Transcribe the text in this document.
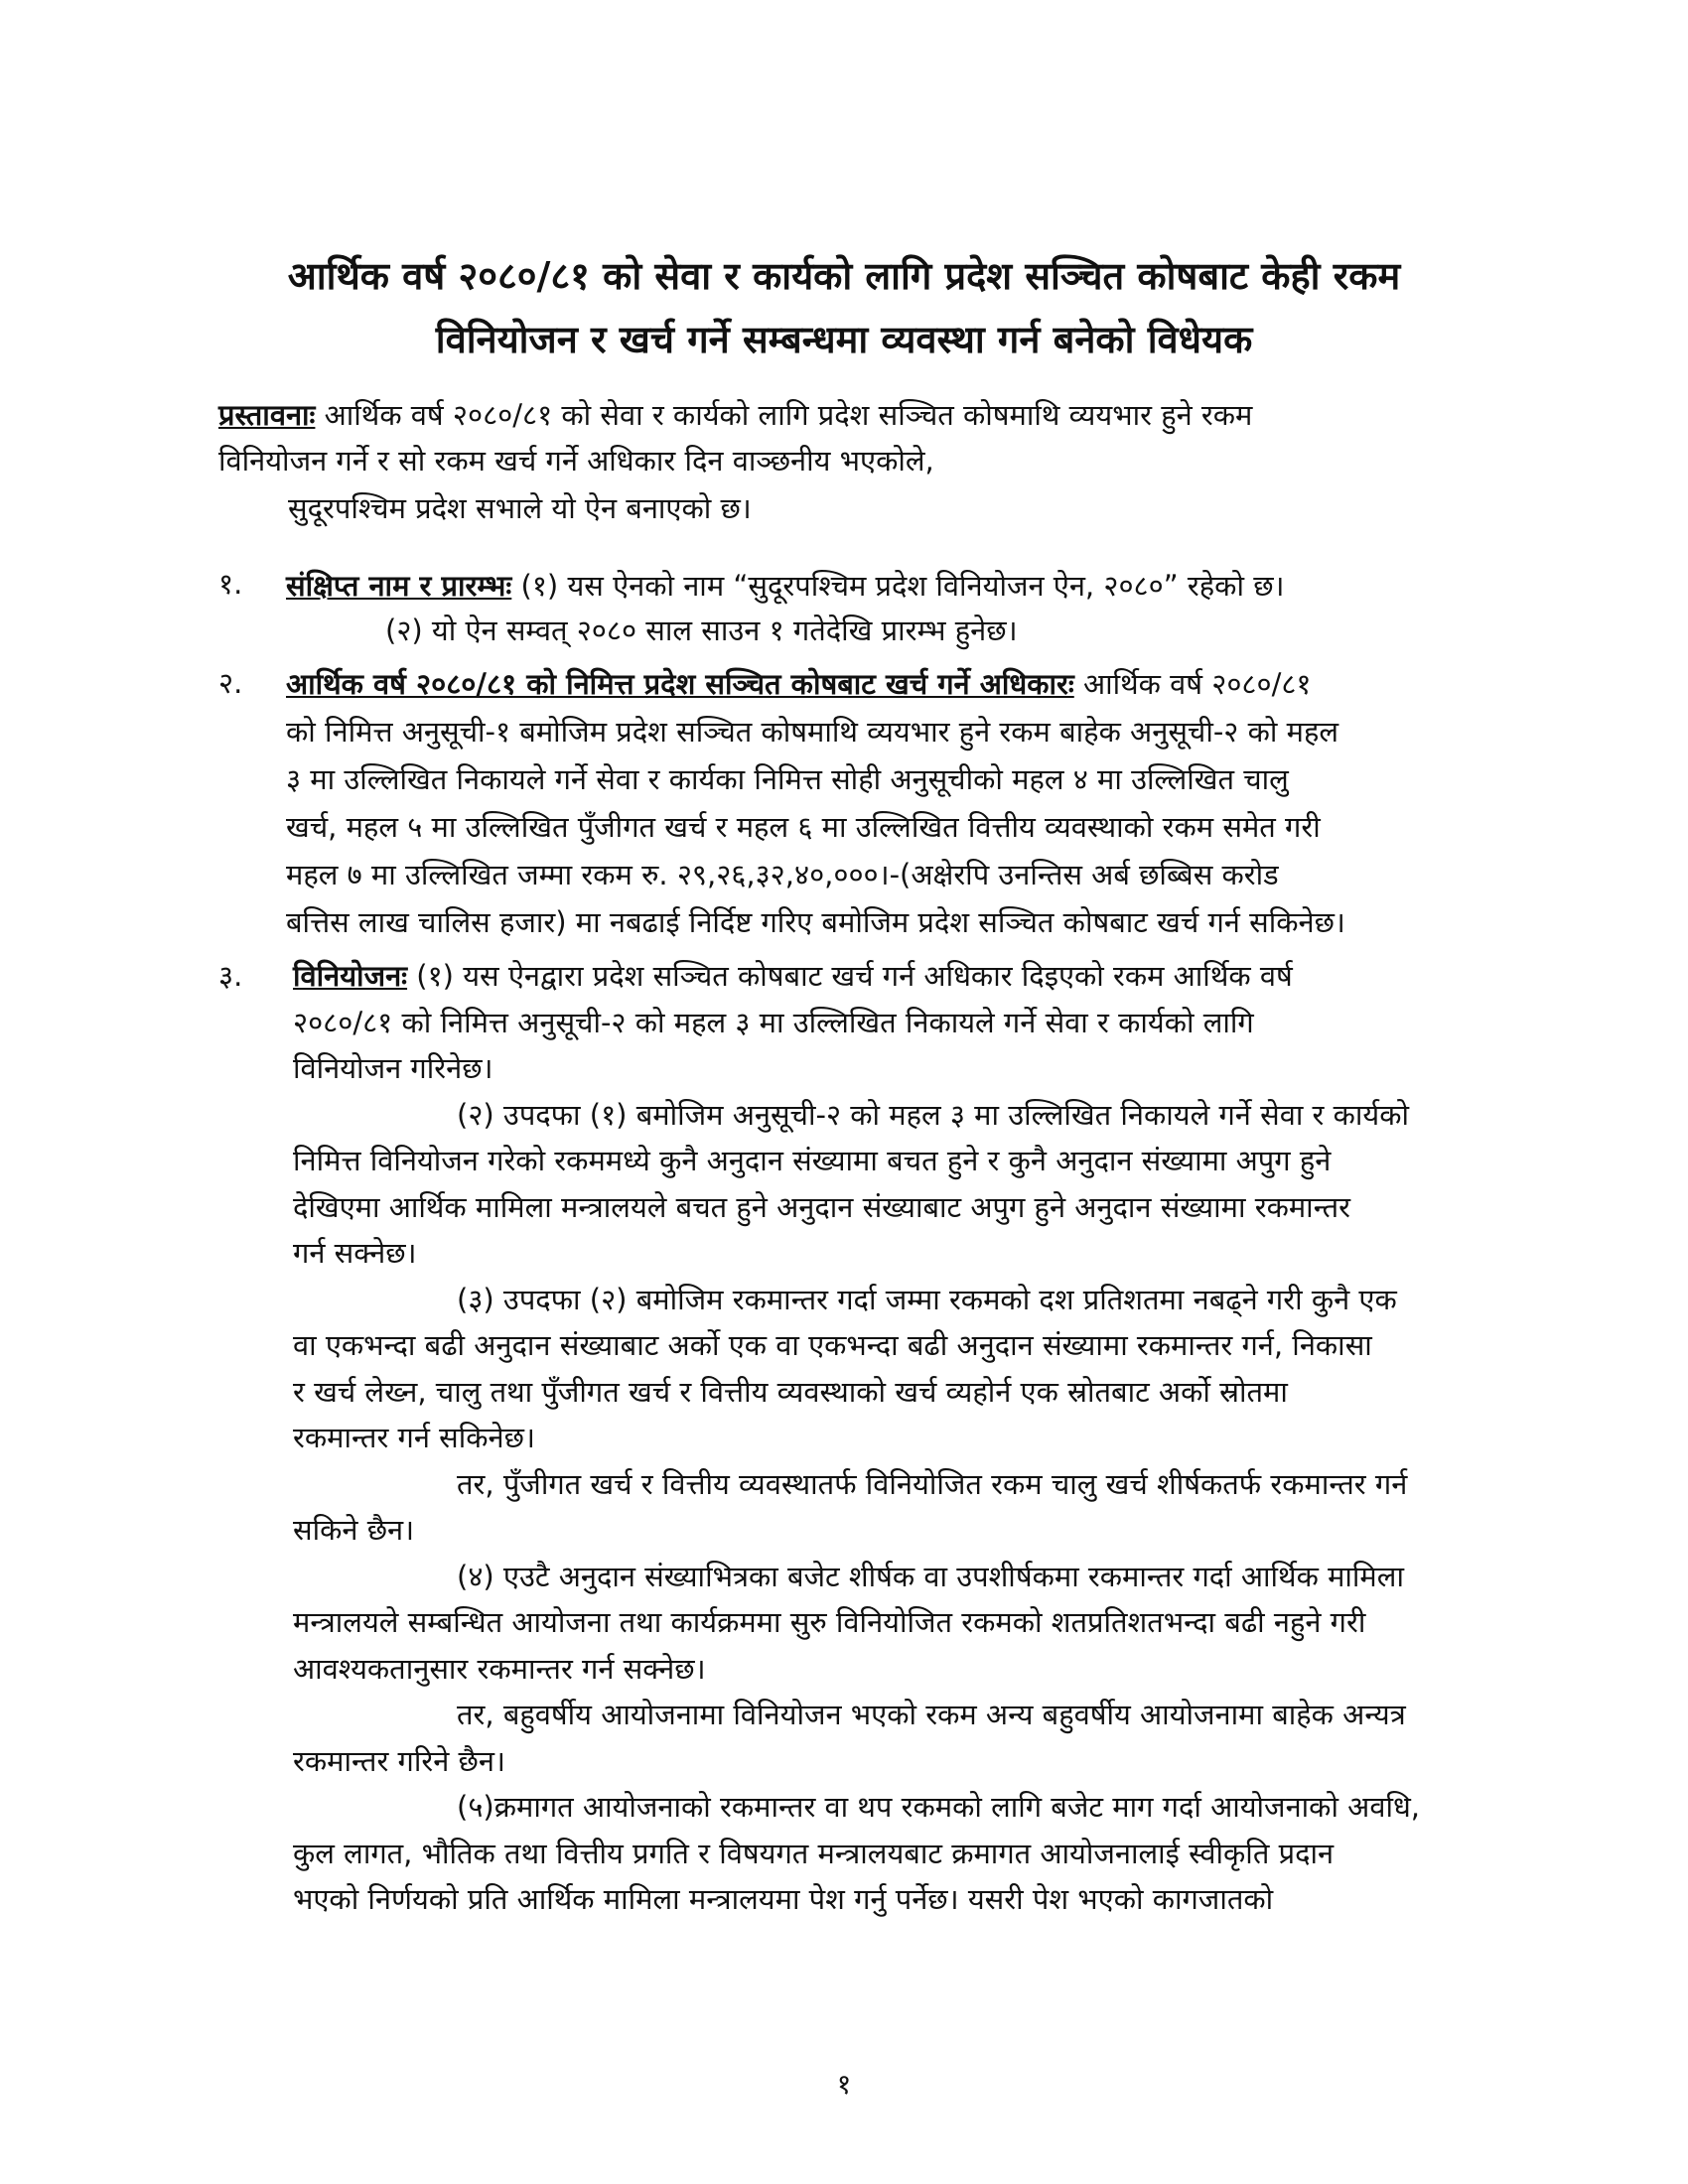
आर्थिक वर्ष २०८०/८१ को सेवा र कार्यको लागि प्रदेश सञ्चित कोषबाट केही रकम
विनियोजन र खर्च गर्ने सम्बन्धमा व्यवस्था गर्न बनेको विधेयक
प्रस्तावनाः आर्थिक वर्ष २०८०/८१ को सेवा र कार्यको लागि प्रदेश सञ्चित कोषमाथि व्ययभार हुने रकम
विनियोजन गर्ने र सो रकम खर्च गर्ने अधिकार दिन वाञ्छनीय भएकोले,
सुदूरपश्चिम प्रदेश सभाले यो ऐन बनाएको छ।
१. संक्षिप्त नाम र प्रारम्भः (१) यस ऐनको नाम “सुदूरपश्चिम प्रदेश विनियोजन ऐन, २०८०” रहेको छ।
(२) यो ऐन सम्वत् २०८० साल साउन १ गतेदेखि प्रारम्भ हुनेछ।
२. आर्थिक वर्ष २०८०/८१ को निमित्त प्रदेश सञ्चित कोषबाट खर्च गर्ने अधिकारः आर्थिक वर्ष २०८०/८१
को निमित्त अनुसूची-१ बमोजिम प्रदेश सञ्चित कोषमाथि व्ययभार हुने रकम बाहेक अनुसूची-२ को महल
३ मा उल्लिखित निकायले गर्ने सेवा र कार्यका निमित्त सोही अनुसूचीको महल ४ मा उल्लिखित चालु
खर्च, महल ५ मा उल्लिखित पुँजीगत खर्च र महल ६ मा उल्लिखित वित्तीय व्यवस्थाको रकम समेत गरी
महल ७ मा उल्लिखित जम्मा रकम रु. २९,२६,३२,४०,०००।-(अक्षेरपि उनन्तिस अर्ब छब्बिस करोड
बत्तिस लाख चालिस हजार) मा नबढाई निर्दिष्ट गरिए बमोजिम प्रदेश सञ्चित कोषबाट खर्च गर्न सकिनेछ।
३. विनियोजनः (१) यस ऐनद्वारा प्रदेश सञ्चित कोषबाट खर्च गर्न अधिकार दिइएको रकम आर्थिक वर्ष
२०८०/८१ को निमित्त अनुसूची-२ को महल ३ मा उल्लिखित निकायले गर्ने सेवा र कार्यको लागि
विनियोजन गरिनेछ।
(२) उपदफा (१) बमोजिम अनुसूची-२ को महल ३ मा उल्लिखित निकायले गर्ने सेवा र कार्यको
निमित्त विनियोजन गरेको रकममध्ये कुनै अनुदान संख्यामा बचत हुने र कुनै अनुदान संख्यामा अपुग हुने
देखिएमा आर्थिक मामिला मन्त्रालयले बचत हुने अनुदान संख्याबाट अपुग हुने अनुदान संख्यामा रकमान्तर
गर्न सक्नेछ।
(३) उपदफा (२) बमोजिम रकमान्तर गर्दा जम्मा रकमको दश प्रतिशतमा नबढ्ने गरी कुनै एक
वा एकभन्दा बढी अनुदान संख्याबाट अर्को एक वा एकभन्दा बढी अनुदान संख्यामा रकमान्तर गर्न, निकासा
र खर्च लेख्न, चालु तथा पुँजीगत खर्च र वित्तीय व्यवस्थाको खर्च व्यहोर्न एक स्रोतबाट अर्को स्रोतमा
रकमान्तर गर्न सकिनेछ।
तर, पुँजीगत खर्च र वित्तीय व्यवस्थातर्फ विनियोजित रकम चालु खर्च शीर्षकतर्फ रकमान्तर गर्न
सकिने छैन।
(४) एउटै अनुदान संख्याभित्रका बजेट शीर्षक वा उपशीर्षकमा रकमान्तर गर्दा आर्थिक मामिला
मन्त्रालयले सम्बन्धित आयोजना तथा कार्यक्रममा सुरु विनियोजित रकमको शतप्रतिशतभन्दा बढी नहुने गरी
आवश्यकतानुसार रकमान्तर गर्न सक्नेछ।
तर, बहुवर्षीय आयोजनामा विनियोजन भएको रकम अन्य बहुवर्षीय आयोजनामा बाहेक अन्यत्र
रकमान्तर गरिने छैन।
(५)क्रमागत आयोजनाको रकमान्तर वा थप रकमको लागि बजेट माग गर्दा आयोजनाको अवधि,
कुल लागत, भौतिक तथा वित्तीय प्रगति र विषयगत मन्त्रालयबाट क्रमागत आयोजनालाई स्वीकृति प्रदान
भएको निर्णयको प्रति आर्थिक मामिला मन्त्रालयमा पेश गर्नु पर्नेछ। यसरी पेश भएको कागजातको
१
